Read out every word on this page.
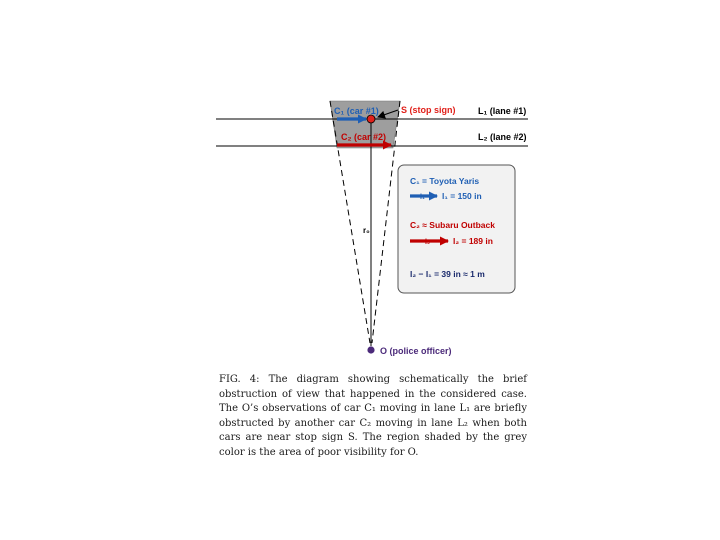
C₁ (car #1)
C₂ (car #2)
S (stop sign)	L₁ (lane #1)
L₂ (lane #2)
r₀
O (police officer)
C₁ = Toyota Yaris
l₁ l₁ = 150 in
C₂ ≈ Subaru Outback
l₂	l₂ = 189 in
l₂ − l₁ = 39 in ≈ 1 m
FIG. 4: The diagram showing schematically the brief obstruction of view that happened in the considered case. The O’s observations of car C₁ moving in lane L₁ are briefly obstructed by another car C₂ moving in lane L₂ when both cars are near stop sign S. The region shaded by the grey color is the area of poor visibility for O.
